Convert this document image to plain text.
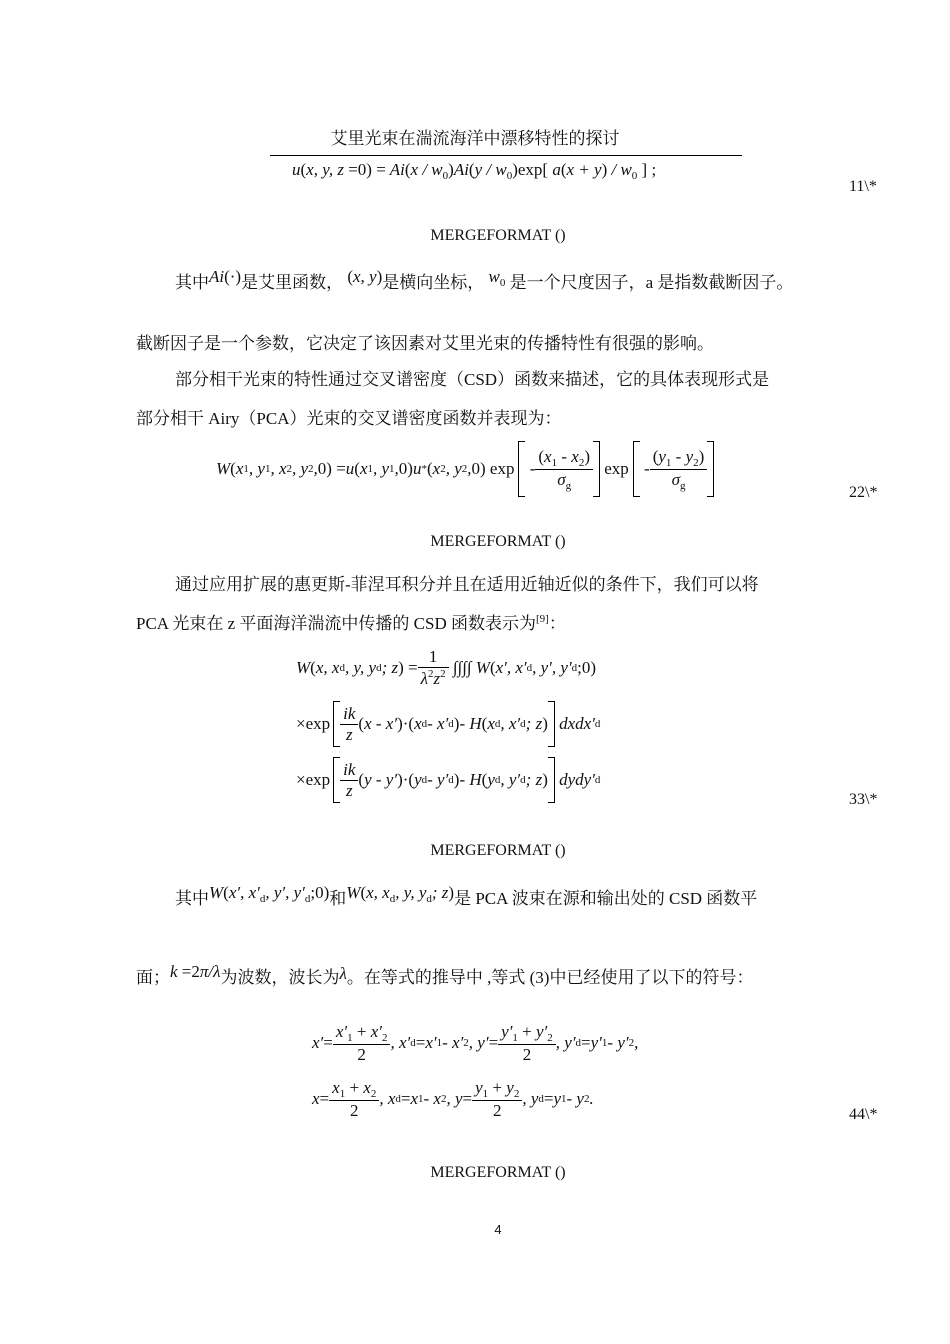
艾里光束在湍流海洋中漂移特性的探讨
u(x, y, $z =0) = Ai(x / w_0)Ai(y / w_0)\exp$[ $a(x + y) / w_0$ ] ;
11\*
MERGEFORMAT ()
其中Ai(·)是艾里函数， (x, y)是横向坐标， $w_0$ 是一个尺度因子，a 是指数截断因子。
截断因子是一个参数，它决定了该因素对艾里光束的传播特性有很强的影响。
部分相干光束的特性通过交叉谱密度（CSD）函数来描述，它的具体表现形式是
部分相干 Airy（PCA）光束的交叉谱密度函数并表现为：
W ( x 1 , y 1 , x 2 , y 2 , 0) = u ( x 1 , y 1 , 0) u * ( x 2 , y 2 , 0) exp - $\frac{(x_1 - x_2)}{\sigma_g}$ exp - $\frac{(y_1 - y_2)}{\sigma_g}$
22\*
MERGEFORMAT ()
通过应用扩展的惠更斯-菲涅耳积分并且在适用近轴近似的条件下，我们可以将
PCA 光束在 z 平面海洋湍流中传播的 CSD 函数表示为[9]：
W ( x, x d , y, y d ; z ) = $\frac{1}{\lambda^2z^2}$ ∫∫∫∫ W ( x′, x′ d , y′, y′ d ;0)
$\times\exp \frac{ik}{z}$ ( x - x′ )·( x d - x′ d ) - H ( x d , x′ d ; z ) dxdx′ d
$\times\exp \frac{ik}{z}$ ( y - y′ )·( y d - y′ d ) - H ( y d , y′ d ; z ) dydy′ d
33\*
MERGEFORMAT ()
其中W(x′, $x'_d$, y′, $y'_d;0$)和W(x, $x_d$, y, $y_d$; z)是 PCA 波束在源和输出处的 CSD 函数平
面；k =2π/λ为波数，波长为λ。在等式的推导中 ,等式 (3)中已经使用了以下的符号：
$x' = \frac{x'_1 + x'_2}{2}$ , x′ d = x′ 1 - x′ 2 , $y' = \frac{y'_1 + y'_2}{2}$ , y′ d = y′ 1 - y′ 2 ,
$x = \frac{x_1 + x_2}{2}$ , x d = x 1 - x 2 , $y = \frac{y_1 + y_2}{2}$ , y d = y 1 - y 2 .
44\*
MERGEFORMAT ()
4
